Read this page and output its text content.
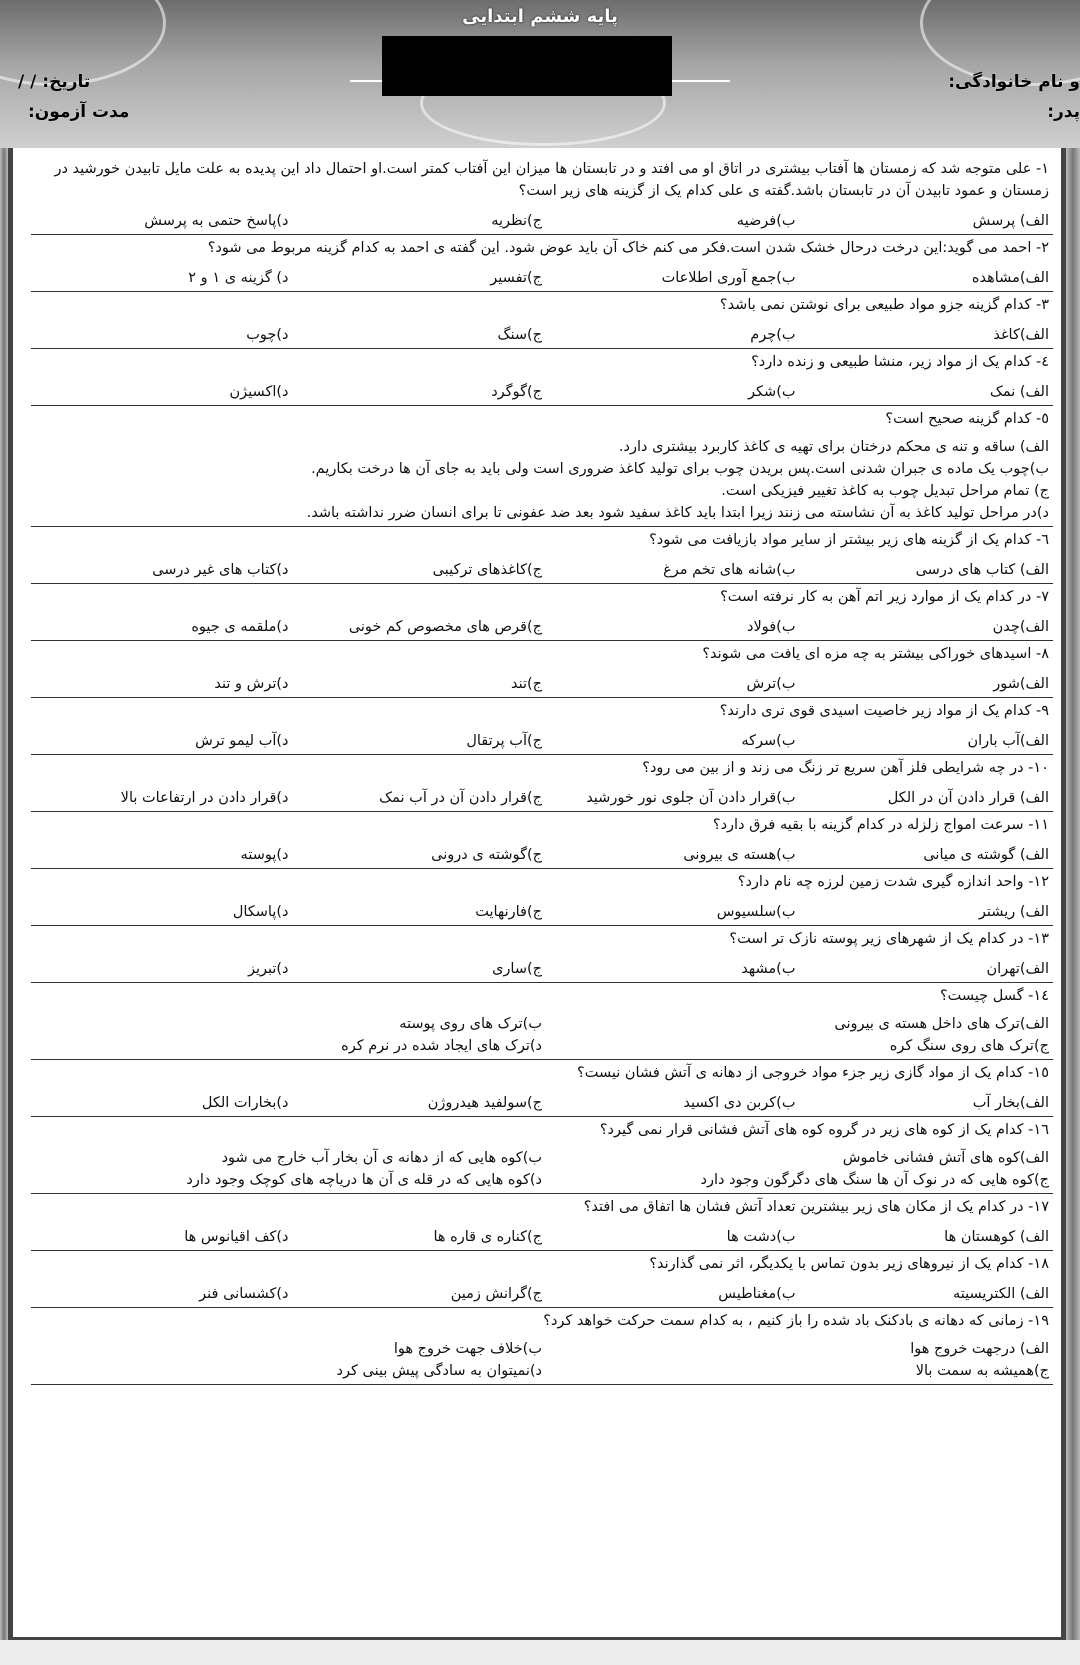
پایه ششم ابتدایی
تاریخ: / /
مدت آزمون:
و نام خانوادگی:
پدر:
۱- علی متوجه شد که زمستان ها آفتاب بیشتری در اتاق او می افتد و در تابستان ها میزان این آفتاب کمتر است.او احتمال داد این پدیده به علت مایل تابیدن خورشید در زمستان و عمود تابیدن آن در تابستان باشد.گفته ی علی کدام یک از گزینه های زیر است؟
الف) پرسش
ب)فرضیه
ج)نظریه
د)پاسخ حتمی به پرسش
۲- احمد می گوید:این درخت درحال خشک شدن است.فکر می کنم خاک آن باید عوض شود. این گفته ی احمد به کدام گزینه مربوط می شود؟
الف)مشاهده
ب)جمع آوری اطلاعات
ج)تفسیر
د) گزینه ی ۱ و ۲
۳- کدام گزینه جزو مواد طبیعی برای نوشتن نمی باشد؟
الف)کاغذ
ب)چرم
ج)سنگ
د)چوب
٤- کدام یک از مواد زیر، منشا طبیعی و زنده دارد؟
الف) نمک
ب)شکر
ج)گوگرد
د)اکسیژن
٥- کدام گزینه صحیح است؟
الف) ساقه و تنه ی محکم درختان برای تهیه ی کاغذ کاربرد بیشتری دارد.
ب)چوب یک ماده ی جبران شدنی است.پس بریدن چوب برای تولید کاغذ ضروری است ولی باید به جای آن ها درخت بکاریم.
ج) تمام مراحل تبدیل چوب به کاغذ تغییر فیزیکی است.
د)در مراحل تولید کاغذ به آن نشاسته می زنند زیرا ابتدا باید کاغذ سفید شود بعد ضد عفونی تا برای انسان ضرر نداشته باشد.
٦- کدام یک از گزینه های زیر بیشتر از سایر مواد بازیافت می شود؟
الف) کتاب های درسی
ب)شانه های تخم مرغ
ج)کاغذهای ترکیبی
د)کتاب های غیر درسی
۷- در کدام یک از موارد زیر اتم آهن به کار نرفته است؟
الف)چدن
ب)فولاد
ج)قرص های مخصوص کم خونی
د)ملقمه ی جیوه
۸- اسیدهای خوراکی بیشتر به چه مزه ای یافت می شوند؟
الف)شور
ب)ترش
ج)تند
د)ترش و تند
۹- کدام یک از مواد زیر خاصیت اسیدی قوی تری دارند؟
الف)آب باران
ب)سرکه
ج)آب پرتقال
د)آب لیمو ترش
۱۰- در چه شرایطی فلز آهن سریع تر زنگ می زند و از بین می رود؟
الف) قرار دادن آن در الکل
ب)قرار دادن آن جلوی نور خورشید
ج)قرار دادن آن در آب نمک
د)قرار دادن در ارتفاعات بالا
۱۱- سرعت امواج زلزله در کدام گزینه با بقیه فرق دارد؟
الف) گوشته ی میانی
ب)هسته ی بیرونی
ج)گوشته ی درونی
د)پوسته
۱۲- واحد اندازه گیری شدت زمین لرزه چه نام دارد؟
الف) ریشتر
ب)سلسیوس
ج)فارنهایت
د)پاسکال
۱۳- در کدام یک از شهرهای زیر پوسته نازک تر است؟
الف)تهران
ب)مشهد
ج)ساری
د)تبریز
١٤- گسل چیست؟
الف)ترک های داخل هسته ی بیرونی
ب)ترک های روی پوسته
ج)ترک های روی سنگ کره
د)ترک های ایجاد شده در نرم کره
۱٥- کدام یک از مواد گازی زیر جزء مواد خروجی از دهانه ی آتش فشان نیست؟
الف)بخار آب
ب)کربن دی اکسید
ج)سولفید هیدروژن
د)بخارات الکل
۱٦- کدام یک از کوه های زیر در گروه کوه های آتش فشانی قرار نمی گیرد؟
الف)کوه های آتش فشانی خاموش
ب)کوه هایی که از دهانه ی آن بخار آب خارج می شود
ج)کوه هایی که در نوک آن ها سنگ های دگرگون وجود دارد
د)کوه هایی که در قله ی آن ها دریاچه های کوچک وجود دارد
۱۷- در کدام یک از مکان های زیر بیشترین تعداد آتش فشان ها اتفاق می افتد؟
الف) کوهستان ها
ب)دشت ها
ج)کناره ی قاره ها
د)کف اقیانوس ها
۱۸- کدام یک از نیروهای زیر بدون تماس با یکدیگر، اثر نمی گذارند؟
الف) الکتریسیته
ب)مغناطیس
ج)گرانش زمین
د)کشسانی فنر
۱۹- زمانی که دهانه ی بادکنک باد شده را باز کنیم ، به کدام سمت حرکت خواهد کرد؟
الف) درجهت خروج هوا
ب)خلاف جهت خروج هوا
ج)همیشه به سمت بالا
د)نمیتوان به سادگی پیش بینی کرد
